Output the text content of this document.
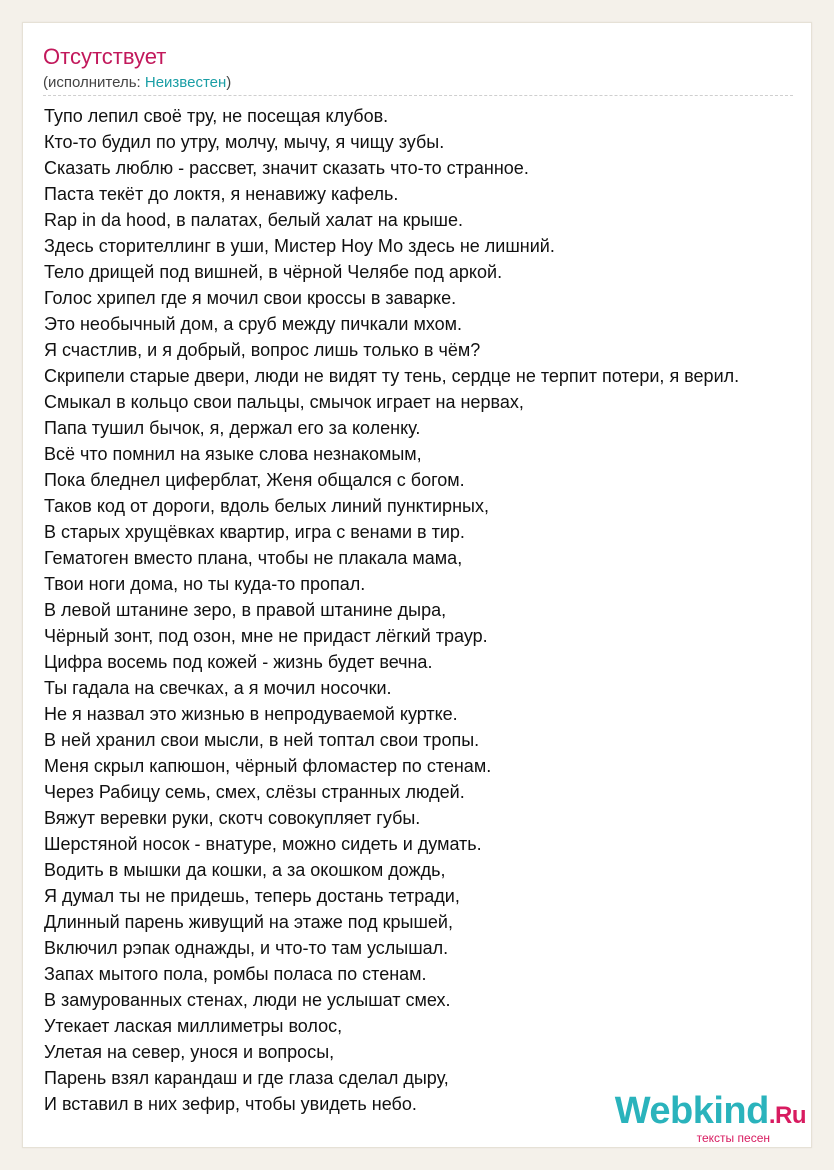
Отсутствует
(исполнитель: Неизвестен)
Тупо лепил своё тру, не посещая клубов.
Кто-то будил по утру, молчу, мычу, я чищу зубы.
Сказать люблю - рассвет, значит сказать что-то странное.
Паста текёт до локтя, я ненавижу кафель.
Rap in da hood, в палатах, белый халат на крыше.
Здесь сторителлинг в уши, Мистер Ноу Мо здесь не лишний.
Тело дрищей под вишней, в чёрной Челябе под аркой.
Голос хрипел где я мочил свои кроссы в заварке.
Это необычный дом, а сруб между пичкали мхом.
Я счастлив, и я добрый, вопрос лишь только в чём?
Скрипели старые двери, люди не видят ту тень, сердце не терпит потери, я верил.
Смыкал в кольцо свои пальцы, смычок играет на нервах,
Папа тушил бычок, я, держал его за коленку.
Всё что помнил на языке слова незнакомым,
Пока бледнел циферблат, Женя общался с богом.
Таков код от дороги, вдоль белых линий пунктирных,
В старых хрущёвках квартир, игра с венами в тир.
Гематоген вместо плана, чтобы не плакала мама,
Твои ноги дома, но ты куда-то пропал.
В левой штанине зеро, в правой штанине дыра,
Чёрный зонт, под озон, мне не придаст лёгкий траур.
Цифра восемь под кожей - жизнь будет вечна.
Ты гадала на свечках, а я мочил носочки.
Не я назвал это жизнью в непродуваемой куртке.
В ней хранил свои мысли, в ней топтал свои тропы.
Меня скрыл капюшон, чёрный фломастер по стенам.
Через Рабицу семь, смех, слёзы странных людей.
Вяжут веревки руки, скотч совокупляет губы.
Шерстяной носок - внатуре, можно сидеть и думать.
Водить в мышки да кошки, а за окошком дождь,
Я думал ты не придешь, теперь достань тетради,
Длинный парень живущий на этаже под крышей,
Включил рэпак однажды, и что-то там услышал.
Запах мытого пола, ромбы полаcа по стенам.
В замурованных стенах, люди не услышат смех.
Утекает лаская миллиметры волос,
Улетая на север, унося и вопросы,
Парень взял карандаш и где глаза сделал дыру,
И вставил в них зефир, чтобы увидеть небо.	Webkind.Ru
тексты песен
